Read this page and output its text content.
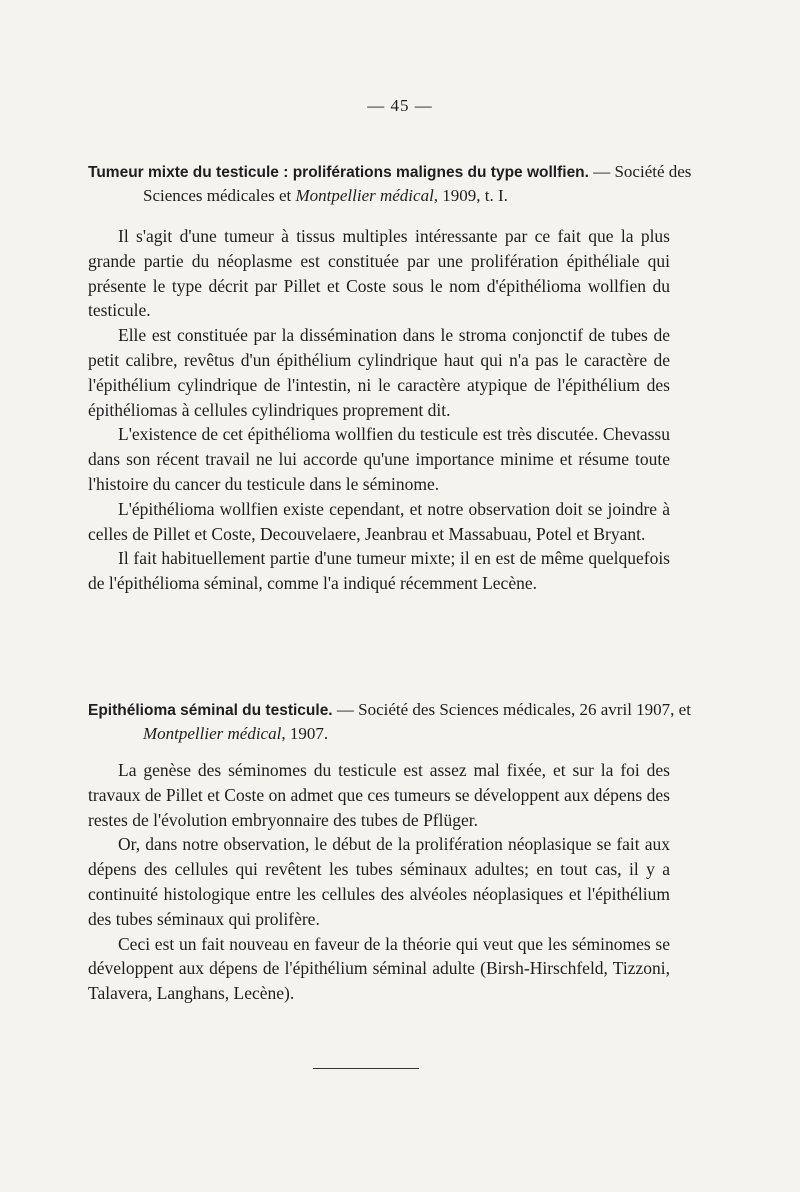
— 45 —
Tumeur mixte du testicule : proliférations malignes du type wollfien. — Société des Sciences médicales et Montpellier médical, 1909, t. I.

Il s'agit d'une tumeur à tissus multiples intéressante par ce fait que la plus grande partie du néoplasme est constituée par une prolifération épithéliale qui présente le type décrit par Pillet et Coste sous le nom d'épithélioma wollfien du testicule.

Elle est constituée par la dissémination dans le stroma conjonctif de tubes de petit calibre, revêtus d'un épithélium cylindrique haut qui n'a pas le caractère de l'épithélium cylindrique de l'intestin, ni le caractère atypique de l'épithélium des épithéliomas à cellules cylindriques proprement dit.

L'existence de cet épithélioma wollfien du testicule est très discutée. Chevassu dans son récent travail ne lui accorde qu'une importance minime et résume toute l'histoire du cancer du testicule dans le séminome.

L'épithélioma wollfien existe cependant, et notre observation doit se joindre à celles de Pillet et Coste, Decouvelaere, Jeanbrau et Massabuau, Potel et Bryant.

Il fait habituellement partie d'une tumeur mixte; il en est de même quelquefois de l'épithélioma séminal, comme l'a indiqué récemment Lecène.

Epithélioma séminal du testicule. — Société des Sciences médicales, 26 avril 1907, et Montpellier médical, 1907.

La genèse des séminomes du testicule est assez mal fixée, et sur la foi des travaux de Pillet et Coste on admet que ces tumeurs se développent aux dépens des restes de l'évolution embryonnaire des tubes de Pflüger.

Or, dans notre observation, le début de la prolifération néoplasique se fait aux dépens des cellules qui revêtent les tubes séminaux adultes; en tout cas, il y a continuité histologique entre les cellules des alvéoles néoplasiques et l'épithélium des tubes séminaux qui prolifère.

Ceci est un fait nouveau en faveur de la théorie qui veut que les séminomes se développent aux dépens de l'épithélium séminal adulte (Birsh-Hirschfeld, Tizzoni, Talavera, Langhans, Lecène).
